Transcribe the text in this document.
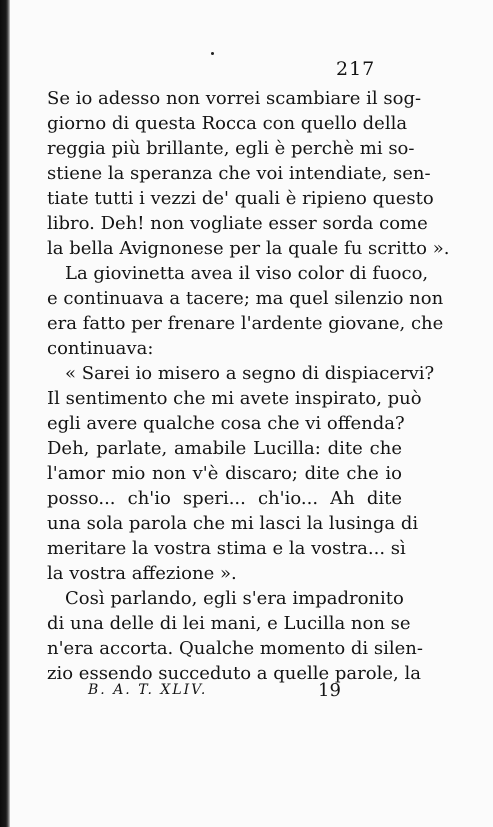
217
Se io adesso non vorrei scambiare il sog-
giorno di questa Rocca con quello della
reggia più brillante, egli è perchè mi so-
stiene la speranza che voi intendiate, sen-
tiate tutti i vezzi de' quali è ripieno questo
libro. Deh! non vogliate esser sorda come
la bella Avignonese per la quale fu scritto ».
La giovinetta avea il viso color di fuoco,
e continuava a tacere; ma quel silenzio non
era fatto per frenare l'ardente giovane, che
continuava:
« Sarei io misero a segno di dispiacervi?
Il sentimento che mi avete inspirato, può
egli avere qualche cosa che vi offenda?
Deh, parlate, amabile Lucilla: dite che
l'amor mio non v'è discaro; dite che io
posso... ch'io speri... ch'io... Ah dite
una sola parola che mi lasci la lusinga di
meritare la vostra stima e la vostra... sì
la vostra affezione ».
Così parlando, egli s'era impadronito
di una delle di lei mani, e Lucilla non se
n'era accorta. Qualche momento di silen-
zio essendo succeduto a quelle parole, la
B. A. T. XLIV.	19
